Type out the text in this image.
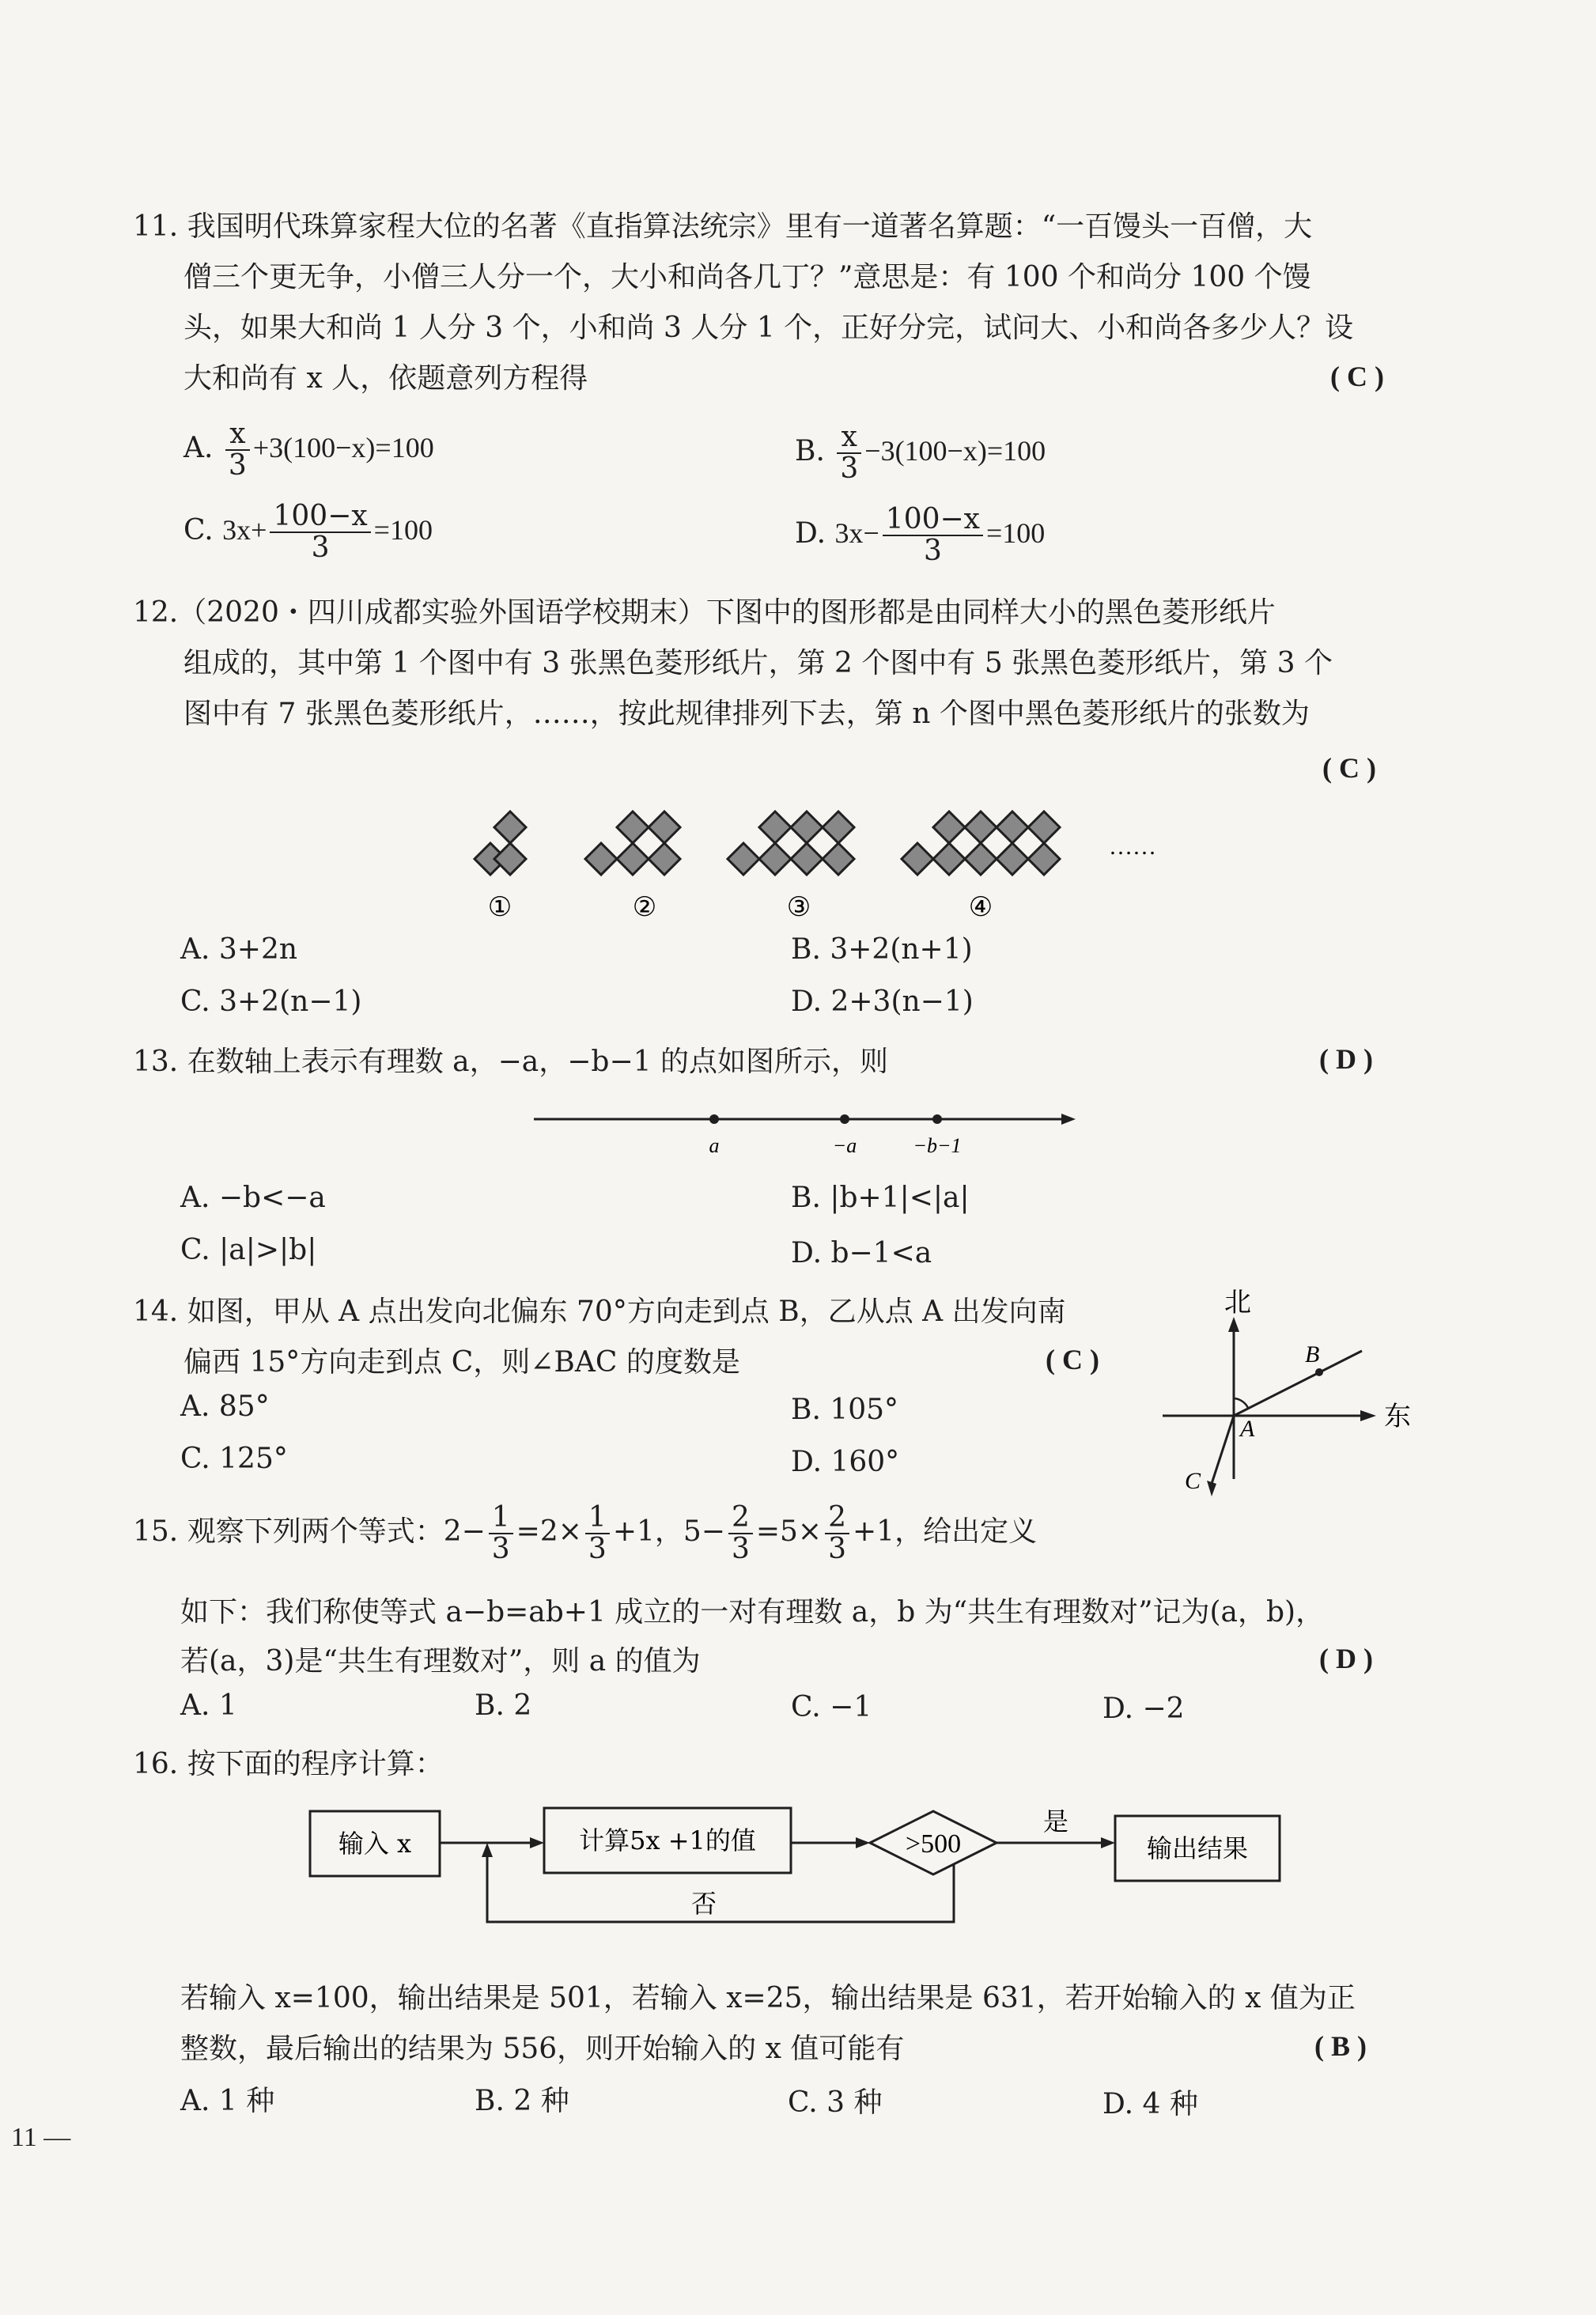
11. 我国明代珠算家程大位的名著《直指算法统宗》里有一道著名算题：“一百馒头一百僧，大
僧三个更无争，小僧三人分一个，大小和尚各几丁？”意思是：有 100 个和尚分 100 个馒
头，如果大和尚 1 人分 3 个，小和尚 3 人分 1 个，正好分完，试问大、小和尚各多少人？设
大和尚有 x 人，依题意列方程得	( C )
A. $\frac{x}{3} +3(100-x)=100$	B. $\frac{x}{3} -3(100-x)=100$
C. $3x+ \frac{100-x}{3} =100$	D. $3x- \frac{100-x}{3} =100$
12.（2020・四川成都实验外国语学校期末）下图中的图形都是由同样大小的黑色菱形纸片
组成的，其中第 1 个图中有 3 张黑色菱形纸片，第 2 个图中有 5 张黑色菱形纸片，第 3 个
图中有 7 张黑色菱形纸片，……，按此规律排列下去，第 n 个图中黑色菱形纸片的张数为
( C )
①	②	③	④
……
A. 3+2n	B. 3+2(n+1)
C. 3+2(n−1)	D. 2+3(n−1)
13. 在数轴上表示有理数 a，−a，−b−1 的点如图所示，则	( D )
a	−a	−b−1
A. −b<−a	B. |b+1|<|a|
C. |a|>|b|	D. b−1<a
14. 如图，甲从 A 点出发向北偏东 70°方向走到点 B，乙从点 A 出发向南
偏西 15°方向走到点 C，则∠BAC 的度数是	( C )
A. 85°	B. 105°
C. 125°	D. 160°
北
东
A
B
C
15. 观察下列两个等式：$2- \frac{1}{3} =2\times \frac{1}{3} +1$，$5- \frac{2}{3} =5\times \frac{2}{3} +1$，给出定义
如下：我们称使等式 a−b=ab+1 成立的一对有理数 a，b 为“共生有理数对”记为(a，b)，
若(a，3)是“共生有理数对”，则 a 的值为	( D )
A. 1	B. 2	C. −1	D. −2
16. 按下面的程序计算：
输入 x	计算5x +1的值	>500
是
输出结果
否
若输入 x=100，输出结果是 501，若输入 x=25，输出结果是 631，若开始输入的 x 值为正
整数，最后输出的结果为 556，则开始输入的 x 值可能有	( B )
A. 1 种	B. 2 种	C. 3 种	D. 4 种
11 —
